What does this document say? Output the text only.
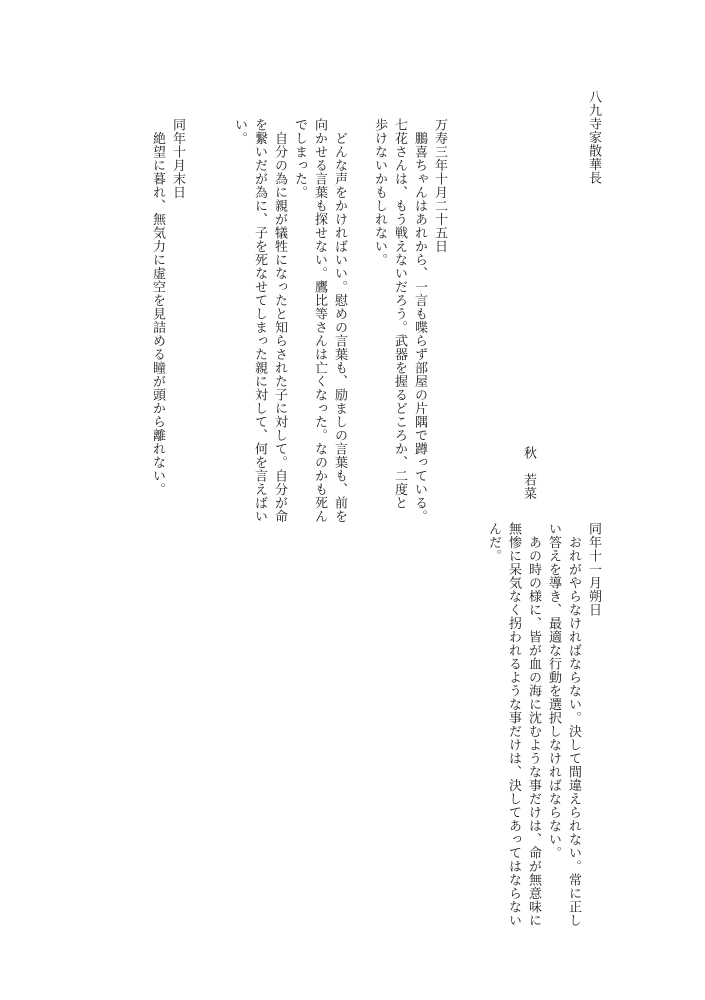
八九寺家散華長
秋　若菜
万寿三年十月二十五日
　鵬喜ちゃんはあれから、一言も喋らず部屋の片隅で蹲っている。
七花さんは、もう戦えないだろう。武器を握るどころか、二度と
歩けないかもしれない。
　どんな声をかければいい。慰めの言葉も、励ましの言葉も、前を
向かせる言葉も探せない。鷹比等さんは亡くなった。なのかも死ん
でしまった。
　自分の為に親が犠牲になったと知らされた子に対して。自分が命
を繋いだが為に、子を死なせてしまった親に対して、何を言えばい
い。
同年十月末日
　絶望に暮れ、無気力に虚空を見詰める瞳が頭から離れない。
同年十一月朔日
　おれがやらなければならない。決して間違えられない。常に正し
い答えを導き、最適な行動を選択しなければならない。
　あの時の様に、皆が血の海に沈むような事だけは、命が無意味に
無惨に呆気なく拐われるような事だけは、決してあってはならない
んだ。
